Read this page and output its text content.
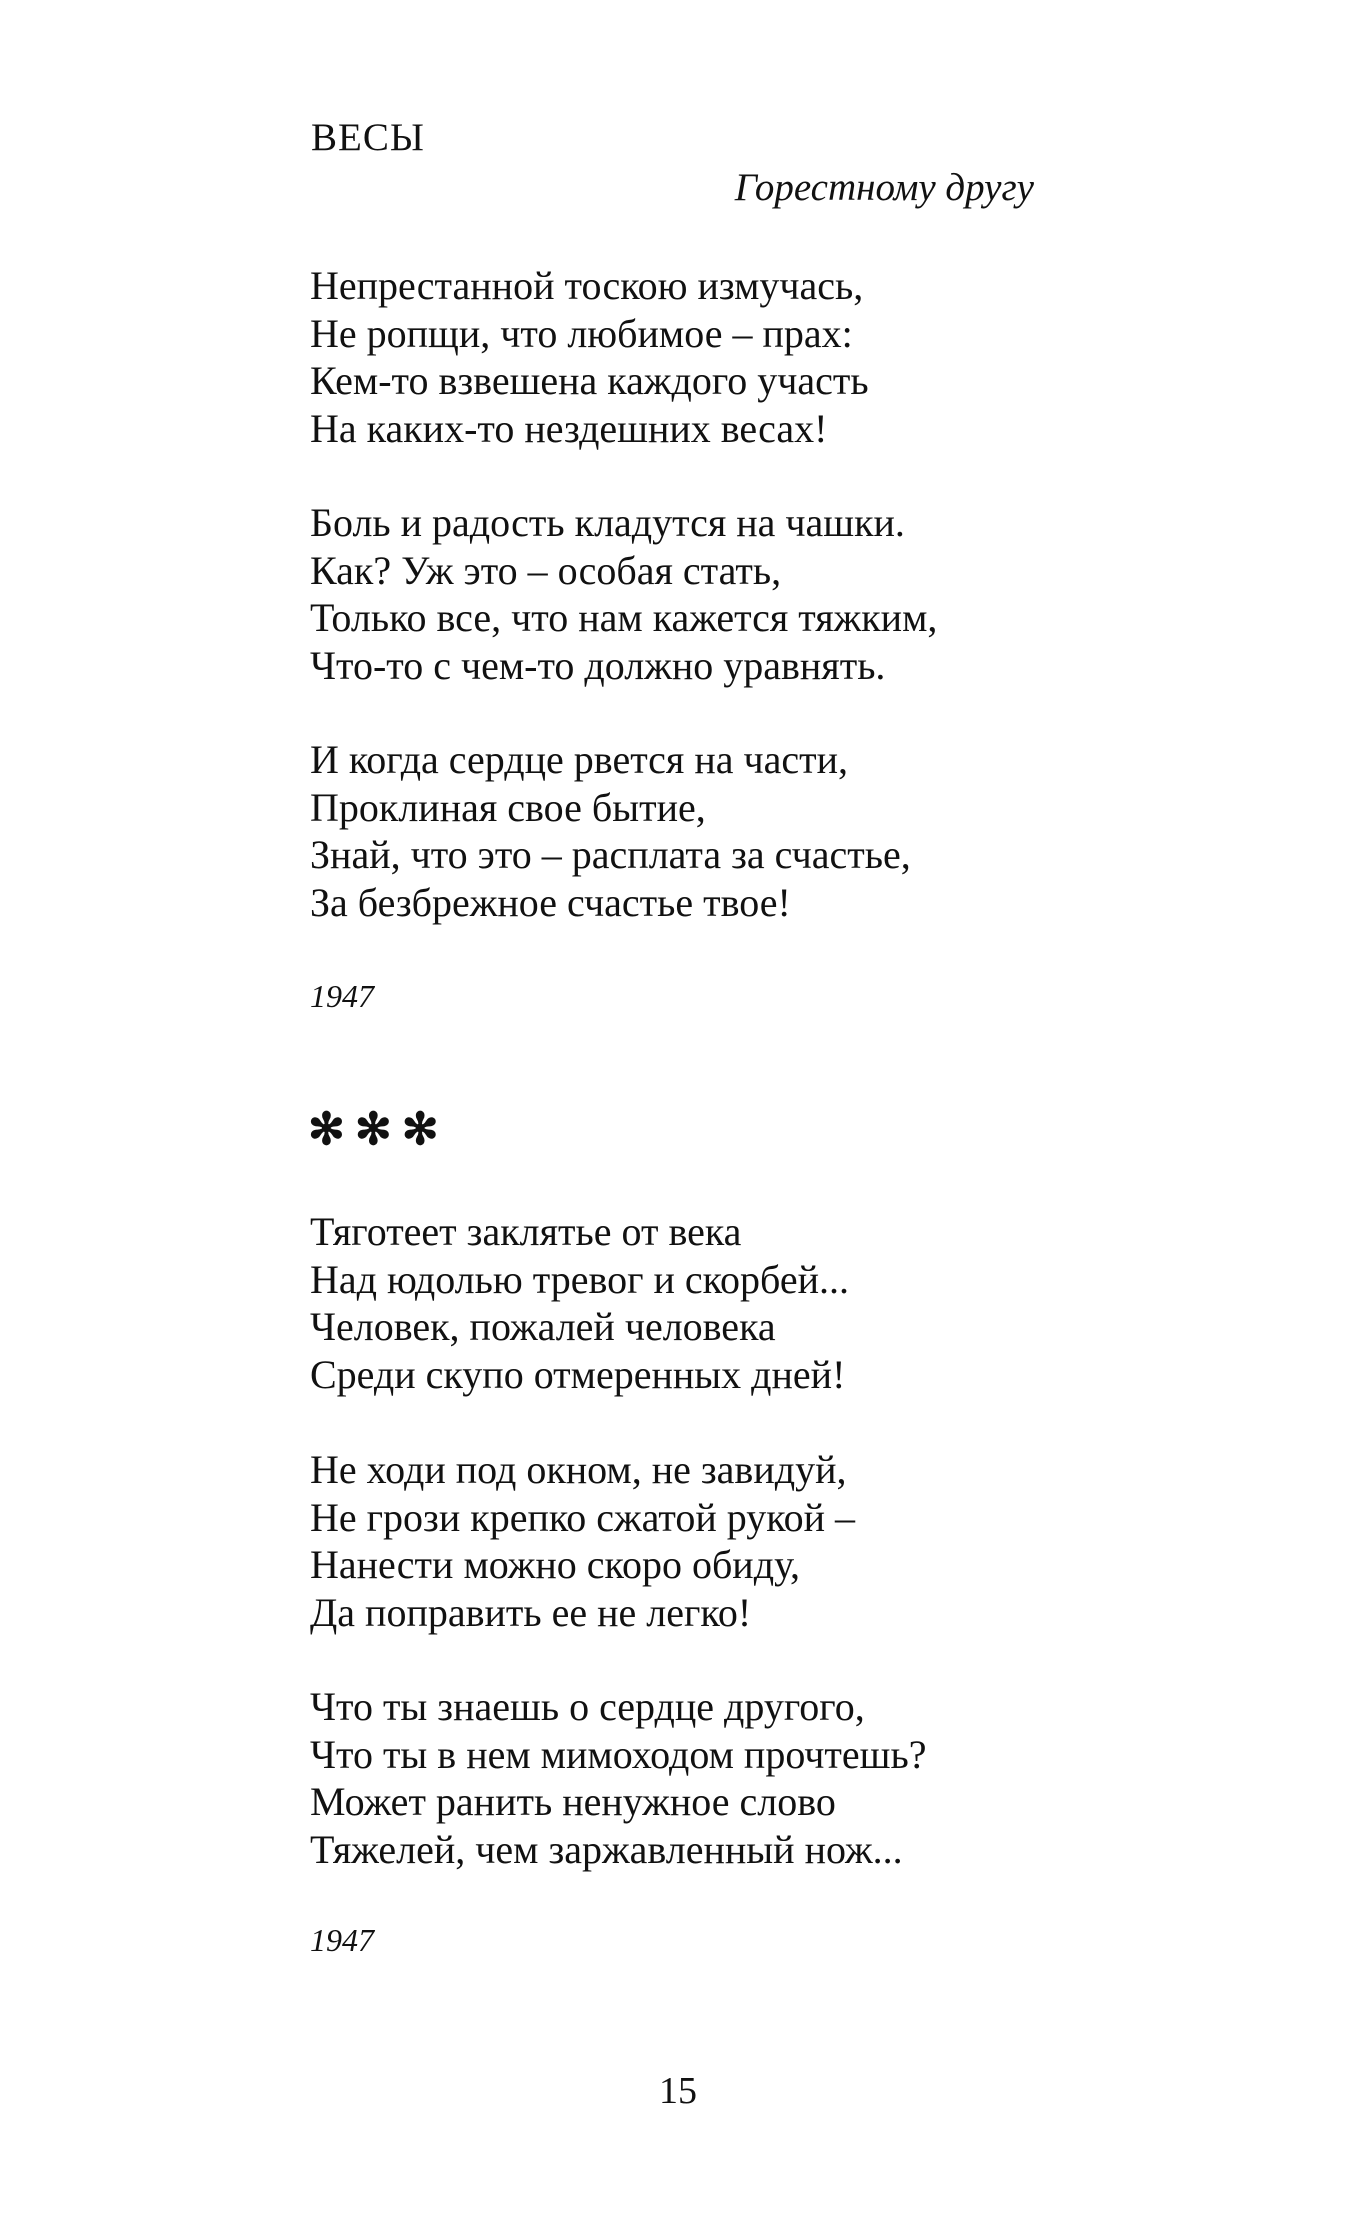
ВЕСЫ
Горестному другу
Непрестанной тоскою измучась,
Не ропщи, что любимое – прах:
Кем-то взвешена каждого участь
На каких-то нездешних весах!
Боль и радость кладутся на чашки.
Как? Уж это – особая стать,
Только все, что нам кажется тяжким,
Что-то с чем-то должно уравнять.
И когда сердце рвется на части,
Проклиная свое бытие,
Знай, что это – расплата за счастье,
За безбрежное счастье твое!
1947
✻✻✻
Тяготеет заклятье от века
Над юдолью тревог и скорбей...
Человек, пожалей человека
Среди скупо отмеренных дней!
Не ходи под окном, не завидуй,
Не грози крепко сжатой рукой –
Нанести можно скоро обиду,
Да поправить ее не легко!
Что ты знаешь о сердце другого,
Что ты в нем мимоходом прочтешь?
Может ранить ненужное слово
Тяжелей, чем заржавленный нож...
1947
15
